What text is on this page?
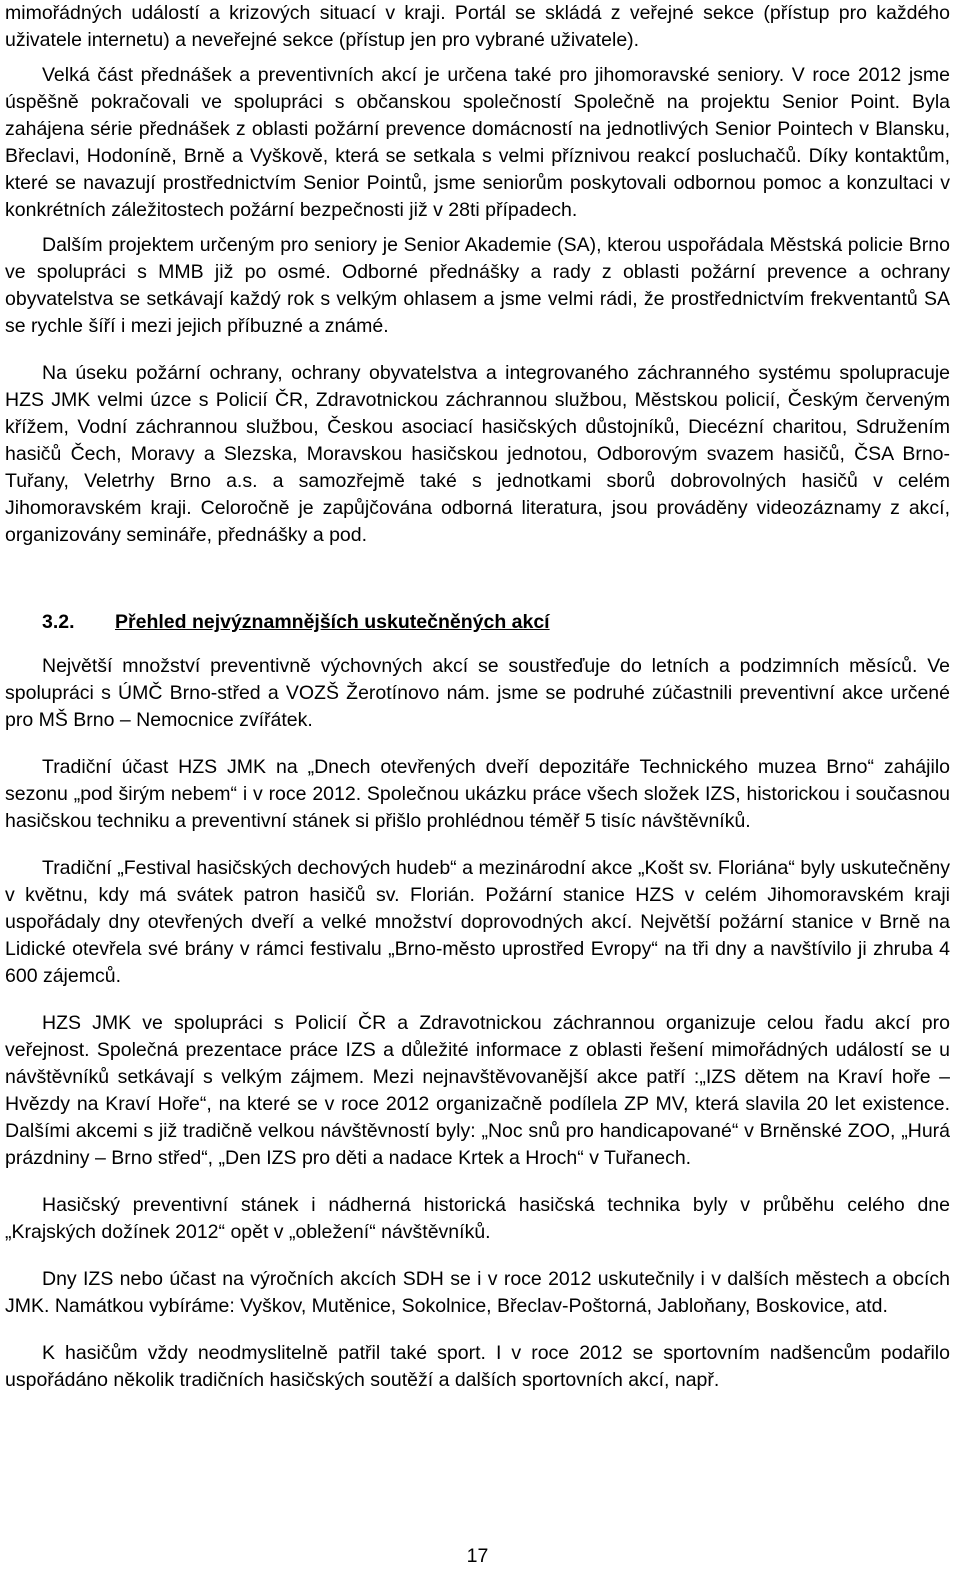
mimořádných událostí a krizových situací v kraji. Portál se skládá z veřejné sekce (přístup pro každého uživatele internetu) a neveřejné sekce (přístup jen pro vybrané uživatele).

Velká část přednášek a preventivních akcí je určena také pro jihomoravské seniory. V roce 2012 jsme úspěšně pokračovali ve spolupráci s občanskou společností Společně na projektu Senior Point. Byla zahájena série přednášek z oblasti požární prevence domácností na jednotlivých Senior Pointech v Blansku, Břeclavi, Hodoníně, Brně a Vyškově, která se setkala s velmi příznivou reakcí posluchačů. Díky kontaktům, které se navazují prostřednictvím Senior Pointů, jsme seniorům poskytovali odbornou pomoc a konzultaci v konkrétních záležitostech požární bezpečnosti již v 28ti případech.

Dalším projektem určeným pro seniory je Senior Akademie (SA), kterou uspořádala Městská policie Brno ve spolupráci s MMB již po osmé. Odborné přednášky a rady z oblasti požární prevence a ochrany obyvatelstva se setkávají každý rok s velkým ohlasem a jsme velmi rádi, že prostřednictvím frekventantů SA se rychle šíří i mezi jejich příbuzné a známé.

Na úseku požární ochrany, ochrany obyvatelstva a integrovaného záchranného systému spolupracuje HZS JMK velmi úzce s Policií ČR, Zdravotnickou záchrannou službou, Městskou policií, Českým červeným křížem, Vodní záchrannou službou, Českou asociací hasičských důstojníků, Diecézní charitou, Sdružením hasičů Čech, Moravy a Slezska, Moravskou hasičskou jednotou, Odborovým svazem hasičů, ČSA Brno-Tuřany, Veletrhy Brno a.s. a samozřejmě také s jednotkami sborů dobrovolných hasičů v celém Jihomoravském kraji. Celoročně je zapůjčována odborná literatura, jsou prováděny videozáznamy z akcí, organizovány semináře, přednášky a pod.

3.2.	Přehled nejvýznamnějších uskutečněných akcí

Největší množství preventivně výchovných akcí se soustřeďuje do letních a podzimních měsíců. Ve spolupráci s ÚMČ Brno-střed a VOZŠ Žerotínovo nám. jsme se podruhé zúčastnili preventivní akce určené pro MŠ Brno – Nemocnice zvířátek.

Tradiční účast HZS JMK na „Dnech otevřených dveří depozitáře Technického muzea Brno“ zahájilo sezonu „pod širým nebem“ i v roce 2012. Společnou ukázku práce všech složek IZS, historickou i současnou hasičskou techniku a preventivní stánek si přišlo prohlédnou téměř 5 tisíc návštěvníků.

Tradiční „Festival hasičských dechových hudeb“ a mezinárodní akce „Košt sv. Floriána“ byly uskutečněny v květnu, kdy má svátek patron hasičů sv. Florián. Požární stanice HZS v celém Jihomoravském kraji uspořádaly dny otevřených dveří a velké množství doprovodných akcí. Největší požární stanice v Brně na Lidické otevřela své brány v rámci festivalu „Brno-město uprostřed Evropy“ na tři dny a navštívilo ji zhruba 4 600 zájemců.

HZS JMK ve spolupráci s Policií ČR a Zdravotnickou záchrannou organizuje celou řadu akcí pro veřejnost. Společná prezentace práce IZS a důležité informace z oblasti řešení mimořádných událostí se u návštěvníků setkávají s velkým zájmem. Mezi nejnavštěvovanější akce patří :„IZS dětem na Kraví hoře – Hvězdy na Kraví Hoře“, na které se v roce 2012 organizačně podílela ZP MV, která slavila 20 let existence. Dalšími akcemi s již tradičně velkou návštěvností byly: „Noc snů pro handicapované“ v Brněnské ZOO, „Hurá prázdniny – Brno střed“, „Den IZS pro děti a nadace Krtek a Hroch“ v Tuřanech.

Hasičský preventivní stánek i nádherná historická hasičská technika byly v průběhu celého dne „Krajských dožínek 2012“ opět v „obležení“ návštěvníků.

Dny IZS nebo účast na výročních akcích SDH se i v roce 2012 uskutečnily i v dalších městech a obcích JMK. Namátkou vybíráme: Vyškov, Mutěnice, Sokolnice, Břeclav-Poštorná, Jabloňany, Boskovice, atd.

K hasičům vždy neodmyslitelně patřil také sport. I v roce 2012 se sportovním nadšencům podařilo uspořádáno několik tradičních hasičských soutěží a dalších sportovních akcí, např.

17
